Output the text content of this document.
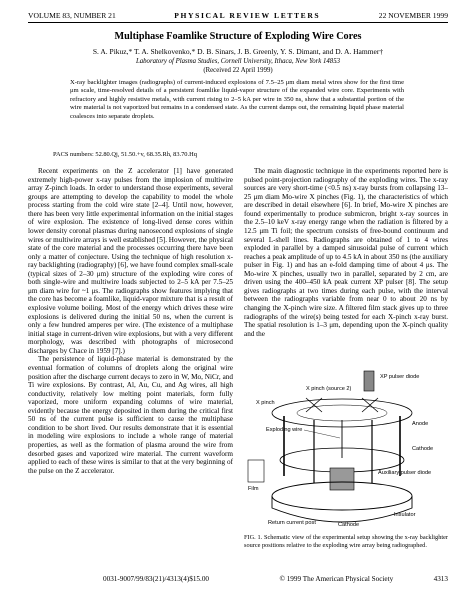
VOLUME 83, NUMBER 21	PHYSICAL REVIEW LETTERS	22 NOVEMBER 1999
Multiphase Foamlike Structure of Exploding Wire Cores
S. A. Pikuz,* T. A. Shelkovenko,* D. B. Sinars, J. B. Greenly, Y. S. Dimant, and D. A. Hammer†
Laboratory of Plasma Studies, Cornell University, Ithaca, New York 14853
(Received 22 April 1999)
X-ray backlighter images (radiographs) of current-induced explosions of 7.5–25 μm diam metal wires show for the first time μm scale, time-resolved details of a persistent foamlike liquid-vapor structure of the expanded wire core. Experiments with refractory and highly resistive metals, with current rising to 2–5 kA per wire in 350 ns, show that a substantial portion of the wire material is not vaporized but remains in a condensed state. As the current damps out, the remaining liquid phase material coalesces into separate droplets.
PACS numbers: 52.80.Qj, 51.50.+v, 68.35.Rh, 83.70.Hq

Recent experiments on the Z accelerator [1] have generated extremely high-power x-ray pulses from the implosion of multiwire array Z-pinch loads. In order to understand those experiments, several groups are attempting to develop the capability to model the whole process starting from the cold wire state [2–4]. Until now, however, there has been very little experimental information on the initial stages of wire explosion. The existence of long-lived dense cores within lower density coronal plasmas during nanosecond explosions of single wires or multiwire arrays is well established [5]. However, the physical state of the core material and the processes occurring there have been only a matter of conjecture. Using the technique of high resolution x-ray backlighting (radiography) [6], we have found complex small-scale (typical sizes of 2–30 μm) structure of the exploding wire cores of both single-wire and multiwire loads subjected to 2–5 kA per 7.5–25 μm diam wire for ~1 μs. The radiographs show features implying that the core has become a foamlike, liquid-vapor mixture that is a result of explosive volume boiling. Most of the energy which drives these wire explosions is delivered during the initial 50 ns, when the current is only a few hundred amperes per wire. (The existence of a multiphase initial stage in current-driven wire explosions, but with a very different morphology, was described with photographs of microsecond discharges by Chace in 1959 [7].)

The persistence of liquid-phase material is demonstrated by the eventual formation of columns of droplets along the original wire position after the discharge current decays to zero in W, Mo, NiCr, and Ti wire explosions. By contrast, Al, Au, Cu, and Ag wires, all high conductivity, relatively low melting point materials, form fully vaporized, more uniform expanding columns of wire material, evidently because the energy deposited in them during the critical first 50 ns of the current pulse is sufficient to cause the multiphase condition to be short lived. Our results demonstrate that it is essential in modeling wire explosions to include a whole range of material properties, as well as the formation of plasma around the wire from desorbed gases and vaporized wire material. The current waveform applied to each of these wires is similar to that at the very beginning of the pulse on the Z accelerator.

The main diagnostic technique in the experiments reported here is pulsed point-projection radiography of the exploding wires. The x-ray sources are very short-time (<0.5 ns) x-ray bursts from collapsing 13–25 μm diam Mo-wire X pinches (Fig. 1), the characteristics of which are described in detail elsewhere [6]. In brief, Mo-wire X pinches are found experimentally to produce submicron, bright x-ray sources in the 2.5–10 keV x-ray energy range when the radiation is filtered by a 12.5 μm Ti foil; the spectrum consists of free-bound continuum and several L-shell lines. Radiographs are obtained of 1 to 4 wires exploded in parallel by a damped sinusoidal pulse of current which reaches a peak amplitude of up to 4.5 kA in about 350 ns (the auxiliary pulser in Fig. 1) and has an e-fold damping time of about 4 μs. The Mo-wire X pinches, usually two in parallel, separated by 2 cm, are driven using the 400–450 kA peak current XP pulser [8]. The setup gives radiographs at two times during each pulse, with the interval between the radiographs variable from near 0 to about 20 ns by changing the X-pinch wire size. A filtered film stack gives up to three radiographs of the wire(s) being tested for each X-pinch x-ray burst. The spatial resolution is 1–3 μm, depending upon the X-pinch quality and the

XP pulser diode
X pinch (source 2)
X pinch
Exploding wire
Anode
Cathode
Auxiliary pulser diode
Film
Return current post	Cathode
Insulator
FIG. 1. Schematic view of the experimental setup showing the x-ray backlighter source positions relative to the exploding wire array being radiographed.
0031-9007/99/83(21)/4313(4)$15.00	© 1999 The American Physical Society	4313
